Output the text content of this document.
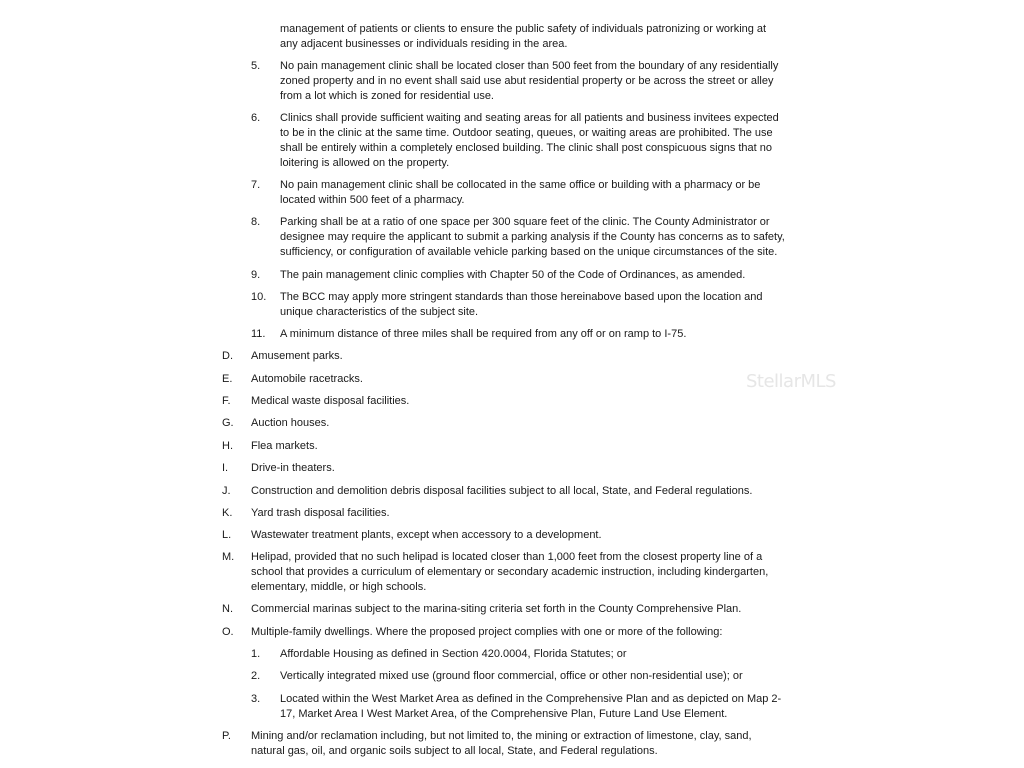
StellarMLS
management of patients or clients to ensure the public safety of individuals patronizing or working at
any adjacent businesses or individuals residing in the area.
5. No pain management clinic shall be located closer than 500 feet from the boundary of any residentially
zoned property and in no event shall said use abut residential property or be across the street or alley
from a lot which is zoned for residential use.
6. Clinics shall provide sufficient waiting and seating areas for all patients and business invitees expected
to be in the clinic at the same time. Outdoor seating, queues, or waiting areas are prohibited. The use
shall be entirely within a completely enclosed building. The clinic shall post conspicuous signs that no
loitering is allowed on the property.
7. No pain management clinic shall be collocated in the same office or building with a pharmacy or be
located within 500 feet of a pharmacy.
8. Parking shall be at a ratio of one space per 300 square feet of the clinic. The County Administrator or
designee may require the applicant to submit a parking analysis if the County has concerns as to safety,
sufficiency, or configuration of available vehicle parking based on the unique circumstances of the site.
9. The pain management clinic complies with Chapter 50 of the Code of Ordinances, as amended.
10. The BCC may apply more stringent standards than those hereinabove based upon the location and
unique characteristics of the subject site.
11. A minimum distance of three miles shall be required from any off or on ramp to I-75.
D. Amusement parks.
E. Automobile racetracks.
F. Medical waste disposal facilities.
G. Auction houses.
H. Flea markets.
I. Drive-in theaters.
J. Construction and demolition debris disposal facilities subject to all local, State, and Federal regulations.
K. Yard trash disposal facilities.
L. Wastewater treatment plants, except when accessory to a development.
M. Helipad, provided that no such helipad is located closer than 1,000 feet from the closest property line of a
school that provides a curriculum of elementary or secondary academic instruction, including kindergarten,
elementary, middle, or high schools.
N. Commercial marinas subject to the marina-siting criteria set forth in the County Comprehensive Plan.
O. Multiple-family dwellings. Where the proposed project complies with one or more of the following:
1. Affordable Housing as defined in Section 420.0004, Florida Statutes; or
2. Vertically integrated mixed use (ground floor commercial, office or other non-residential use); or
3. Located within the West Market Area as defined in the Comprehensive Plan and as depicted on Map 2-
17, Market Area I West Market Area, of the Comprehensive Plan, Future Land Use Element.
P. Mining and/or reclamation including, but not limited to, the mining or extraction of limestone, clay, sand,
natural gas, oil, and organic soils subject to all local, State, and Federal regulations.
